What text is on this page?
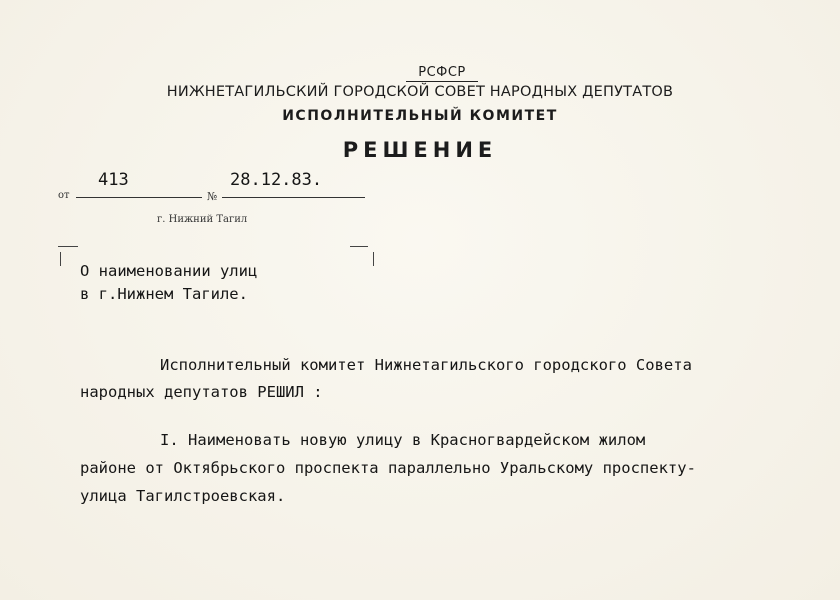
РСФСР
НИЖНЕТАГИЛЬСКИЙ ГОРОДСКОЙ СОВЕТ НАРОДНЫХ ДЕПУТАТОВ
ИСПОЛНИТЕЛЬНЫЙ КОМИТЕТ
РЕШЕНИЕ
от	№
413	28.12.83.
г. Нижний Тагил
О наименовании улиц
в г.Нижнем Тагиле.
Исполнительный комитет Нижнетагильского городского Совета
народных депутатов РЕШИЛ :
I. Наименовать новую улицу в Красногвардейском жилом
районе от Октябрьского проспекта параллельно Уральскому проспекту-
улица Тагилстроевская.
